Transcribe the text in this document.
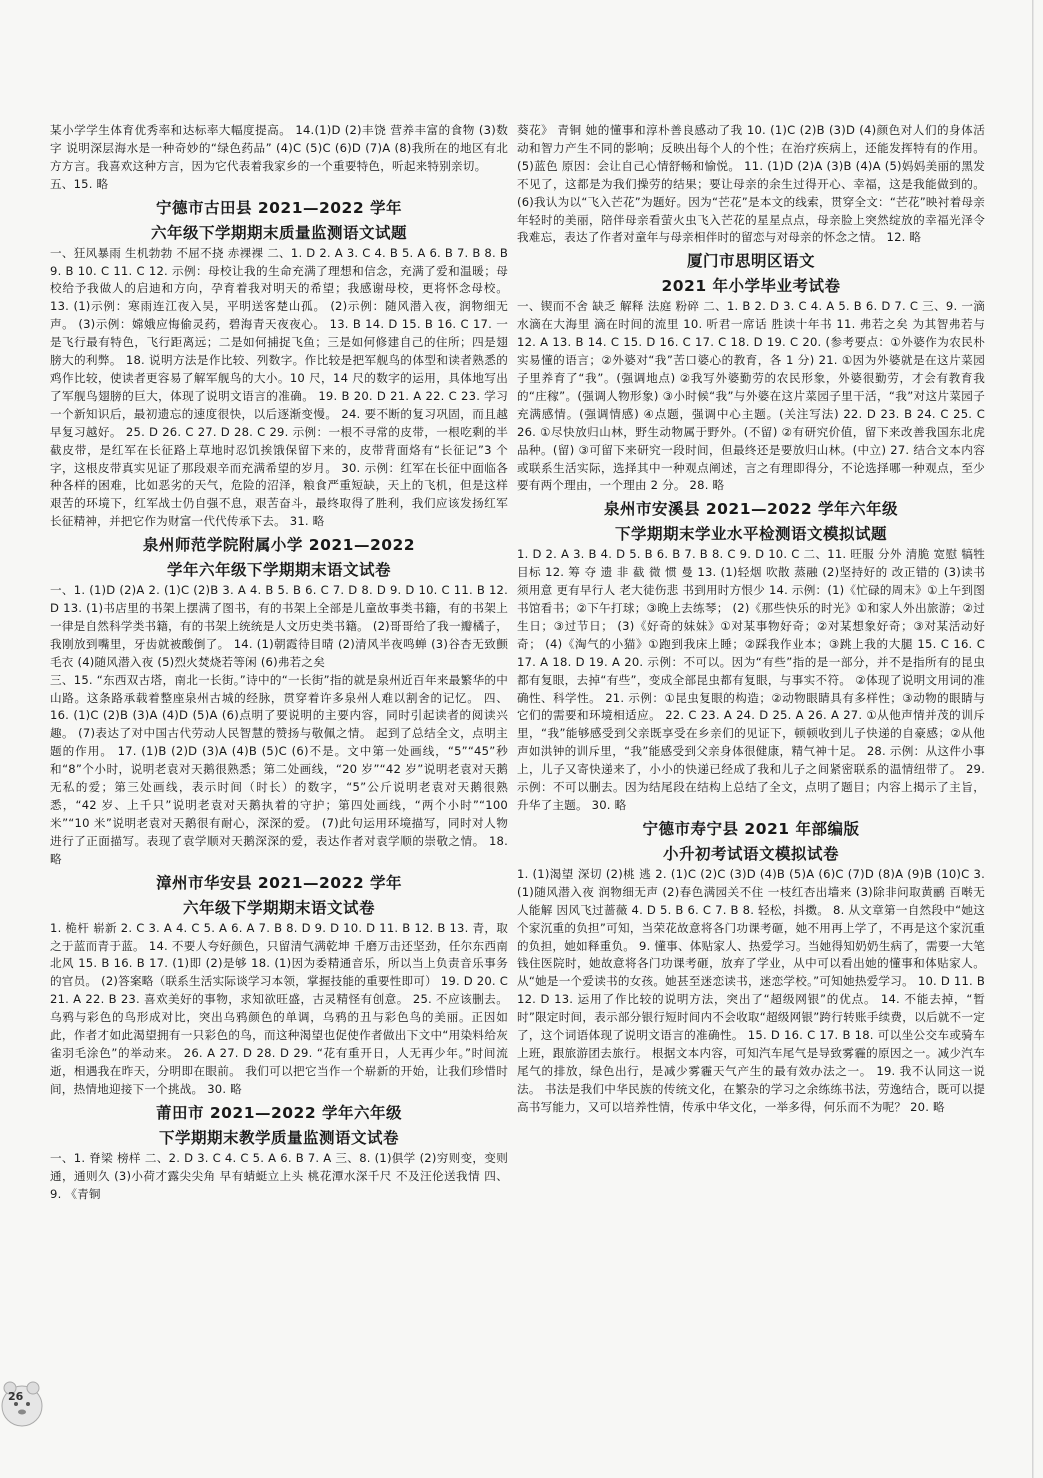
某小学学生体育优秀率和达标率大幅度提高。 14.(1)D (2)丰饶 营养丰富的食物 (3)数字 说明深层海水是一种奇妙的“绿色药品” (4)C (5)C (6)D (7)A (8)我所在的地区有北方方言。我喜欢这种方言，因为它代表着我家乡的一个重要特色，听起来特别亲切。

五、15. 略

宁德市古田县 2021—2022 学年
六年级下学期期末质量监测语文试题

一、狂风暴雨 生机勃勃 不屈不挠 赤裸裸 二、1. D 2. A 3. C 4. B 5. A 6. B 7. B 8. B 9. B 10. C 11. C 12. 示例：母校让我的生命充满了理想和信念，充满了爱和温暖；母校给予我做人的启迪和方向，孕育着我对明天的希望；我感谢母校，更将怀念母校。 13. (1)示例：寒雨连江夜入吴，平明送客楚山孤。 (2)示例：随风潜入夜，润物细无声。 (3)示例：嫦娥应悔偷灵药，碧海青天夜夜心。 13. B 14. D 15. B 16. C 17. 一是飞行最有特色，飞行距离远；二是如何捕捉飞鱼；三是如何修建自己的住所；四是翅膀大的利弊。 18. 说明方法是作比较、列数字。作比较是把军舰鸟的体型和读者熟悉的鸡作比较，使读者更容易了解军舰鸟的大小。10 尺，14 尺的数字的运用，具体地写出了军舰鸟翅膀的巨大，体现了说明文语言的准确。 19. B 20. D 21. A 22. C 23. 学习一个新知识后，最初遗忘的速度很快，以后逐渐变慢。 24. 要不断的复习巩固，而且越早复习越好。 25. D 26. C 27. D 28. C 29. 示例：一根不寻常的皮带，一根吃剩的半截皮带，是红军在长征路上草地时忍饥挨饿保留下来的，皮带背面烙有“长征记”3 个字，这根皮带真实见证了那段艰辛而充满希望的岁月。 30. 示例：红军在长征中面临各种各样的困难，比如恶劣的天气，危险的沼泽，粮食严重短缺，天上的飞机，但是这样艰苦的环境下，红军战士仍自强不息，艰苦奋斗，最终取得了胜利，我们应该发扬红军长征精神，并把它作为财富一代代传承下去。 31. 略

泉州师范学院附属小学 2021—2022
学年六年级下学期期末语文试卷

一、1. (1)D (2)A 2. (1)C (2)B 3. A 4. B 5. B 6. C 7. D 8. D 9. D 10. C 11. B 12. D 13. (1)书店里的书架上摆满了图书，有的书架上全部是儿童故事类书籍，有的书架上一律是自然科学类书籍，有的书架上统统是人文历史类书籍。 (2)哥哥给了我一瓣橘子，我刚放到嘴里，牙齿就被酸倒了。 14. (1)朝霞待目晴 (2)清风半夜鸣蝉 (3)谷杏无致颤毛衣 (4)随风潜入夜 (5)烈火焚烧若等闲 (6)弗若之矣

三、15. “东西双古塔，南北一长街。”诗中的“一长街”指的就是泉州近百年来最繁华的中山路。这条路承载着整座泉州古城的经脉，贯穿着许多泉州人难以割舍的记忆。 四、16. (1)C (2)B (3)A (4)D (5)A (6)点明了要说明的主要内容，同时引起读者的阅读兴趣。 (7)表达了对中国古代劳动人民智慧的赞扬与敬佩之情。 起到了总结全文，点明主题的作用。 17. (1)B (2)D (3)A (4)B (5)C (6)不是。文中第一处画线，“5”“45”秒和“8”个小时，说明老袁对天鹅很熟悉；第二处画线，“20 岁”“42 岁”说明老袁对天鹅无私的爱；第三处画线，表示时间（时长）的数字，“5”公斤说明老袁对天鹅很熟悉，“42 岁、上千只”说明老袁对天鹅执着的守护；第四处画线，“两个小时”“100 米”“10 米”说明老袁对天鹅很有耐心，深深的爱。 (7)此句运用环境描写，同时对人物进行了正面描写。表现了袁学顺对天鹅深深的爱，表达作者对袁学顺的崇敬之情。 18. 略

漳州市华安县 2021—2022 学年
六年级下学期期末语文试卷

1. 桅杆 崭新 2. C 3. A 4. C 5. A 6. A 7. B 8. D 9. D 10. D 11. B 12. B 13. 青，取之于蓝而青于蓝。 14. 不要人夸好颜色，只留清气满乾坤 千磨万击还坚劲，任尔东西南北风 15. B 16. B 17. (1)即 (2)是够 18. (1)因为委精通音乐，所以当上负责音乐事务的官员。 (2)答案略（联系生活实际谈学习本领，掌握技能的重要性即可） 19. D 20. C 21. A 22. B 23. 喜欢美好的事物，求知欲旺盛，古灵精怪有创意。 25. 不应该删去。乌鸦与彩色的鸟形成对比，突出乌鸦颜色的单调，乌鸦的丑与彩色鸟的美丽。正因如此，作者才如此渴望拥有一只彩色的鸟，而这种渴望也促使作者做出下文中“用染料给灰雀羽毛涂色”的举动来。 26. A 27. D 28. D 29. “花有重开日，人无再少年。”时间流逝，相遇我在昨天，分明即在眼前。 我们可以把它当作一个崭新的开始，让我们珍惜时间，热情地迎接下一个挑战。 30. 略

莆田市 2021—2022 学年六年级
下学期期末教学质量监测语文试卷

一、1. 脊梁 榜样 二、2. D 3. C 4. C 5. A 6. B 7. A 三、8. (1)俱学 (2)穷则变，变则通，通则久 (3)小荷才露尖尖角 早有蜻蜓立上头 桃花潭水深千尺 不及汪伦送我情 四、9. 《青铜

葵花》 青铜 她的懂事和淳朴善良感动了我 10. (1)C (2)B (3)D (4)颜色对人们的身体活动和智力产生不同的影响；反映出每个人的个性；在治疗疾病上，还能发挥特有的作用。 (5)蓝色 原因：会让自己心情舒畅和愉悦。 11. (1)D (2)A (3)B (4)A (5)妈妈美丽的黑发不见了，这都是为我们操劳的结果；要让母亲的余生过得开心、幸福，这是我能做到的。 (6)我认为以“飞入芒花”为题好。因为“芒花”是本文的线索，贯穿全文：“芒花”映衬着母亲年轻时的美丽，陪伴母亲看萤火虫飞入芒花的星星点点，母亲脸上突然绽放的幸福光泽令我难忘，表达了作者对童年与母亲相伴时的留恋与对母亲的怀念之情。 12. 略

厦门市思明区语文
2021 年小学毕业考试卷

一、锲而不舍 缺乏 解释 法庭 粉碎 二、1. B 2. D 3. C 4. A 5. B 6. D 7. C 三、9. 一滴水滴在大海里 滴在时间的流里 10. 听君一席话 胜读十年书 11. 弗若之矣 为其智弗若与 12. A 13. B 14. C 15. D 16. C 17. C 18. D 19. C 20. (参考要点：①外婆作为农民朴实易懂的语言；②外婆对“我”苦口婆心的教育，各 1 分) 21. ①因为外婆就是在这片菜园子里养育了“我”。(强调地点) ②我写外婆勤劳的农民形象，外婆很勤劳，才会有教育我的“庄稼”。(强调人物形象) ③小时候“我”与外婆在这片菜园子里干活，“我”对这片菜园子充满感情。(强调情感) ④点题，强调中心主题。(关注写法) 22. D 23. B 24. C 25. C 26. ①尽快放归山林，野生动物属于野外。(不留) ②有研究价值，留下来改善我国东北虎品种。(留) ③可留下来研究一段时间，但最终还是要放归山林。(中立) 27. 结合文本内容或联系生活实际，选择其中一种观点阐述，言之有理即得分，不论选择哪一种观点，至少要有两个理由，一个理由 2 分。 28. 略

泉州市安溪县 2021—2022 学年六年级
下学期期末学业水平检测语文模拟试题

1. D 2. A 3. B 4. D 5. B 6. B 7. B 8. C 9. D 10. C 二、11. 旺服 分外 清脆 宽慰 犒牲 目标 12. 筹 夺 遗 非 截 微 惯 曼 13. (1)轻烟 吹散 蒸融 (2)坚持好的 改正错的 (3)读书须用意 更有早行人 老大徒伤悲 书到用时方恨少 14. 示例：(1)《忙碌的周末》①上午到图书馆看书；②下午打球；③晚上去练琴； (2)《那些快乐的时光》①和家人外出旅游；②过生日；③过节日； (3)《好奇的妹妹》①对某事物好奇；②对某想象好奇；③对某活动好奇； (4)《淘气的小猫》①跑到我床上睡；②踩我作业本；③跳上我的大腿 15. C 16. C 17. A 18. D 19. A 20. 示例：不可以。因为“有些”指的是一部分，并不是指所有的昆虫都有复眼，去掉“有些”，变成全部昆虫都有复眼，与事实不符。 ②体现了说明文用词的准确性、科学性。 21. 示例：①昆虫复眼的构造；②动物眼睛具有多样性；③动物的眼睛与它们的需要和环境相适应。 22. C 23. A 24. D 25. A 26. A 27. ①从他声情并茂的训斥里，“我”能够感受到父亲既享受在乡亲们的见证下，顿顿收到儿子快递的自豪感；②从他声如洪钟的训斥里，“我”能感受到父亲身体很健康，精气神十足。 28. 示例：从这件小事上，儿子又寄快递来了，小小的快递已经成了我和儿子之间紧密联系的温情纽带了。 29. 示例：不可以删去。因为结尾段在结构上总结了全文，点明了题目；内容上揭示了主旨，升华了主题。 30. 略

宁德市寿宁县 2021 年部编版
小升初考试语文模拟试卷

1. (1)渴望 深切 (2)桃 逃 2. (1)C (2)C (3)D (4)B (5)A (6)C (7)D (8)A (9)B (10)C 3. (1)随风潜入夜 润物细无声 (2)春色满园关不住 一枝红杏出墙来 (3)除非问取黄鹂 百啭无人能解 因风飞过蔷薇 4. D 5. B 6. C 7. B 8. 轻松，抖擞。 8. 从文章第一自然段中“她这个家沉重的负担”可知，当荣花故意将各门功课考砸，她不用再上学了，不再是这个家沉重的负担，她如释重负。 9. 懂事、体贴家人、热爱学习。当她得知奶奶生病了，需要一大笔钱住医院时，她故意将各门功课考砸，放弃了学业，从中可以看出她的懂事和体贴家人。从“她是一个爱读书的女孩。她甚至迷恋读书，迷恋学校。”可知她热爱学习。 10. D 11. B 12. D 13. 运用了作比较的说明方法，突出了“超级网银”的优点。 14. 不能去掉，“暂时”限定时间，表示部分银行短时间内不会收取“超级网银”跨行转账手续费，以后就不一定了，这个词语体现了说明文语言的准确性。 15. D 16. C 17. B 18. 可以坐公交车或骑车上班，跟旅游团去旅行。 根据文本内容，可知汽车尾气是导致雾霾的原因之一。减少汽车尾气的排放，绿色出行，是减少雾霾天气产生的最有效办法之一。 19. 我不认同这一说法。 书法是我们中华民族的传统文化，在繁杂的学习之余练练书法，劳逸结合，既可以提高书写能力，又可以培养性情，传承中华文化，一举多得，何乐而不为呢？ 20. 略

26
